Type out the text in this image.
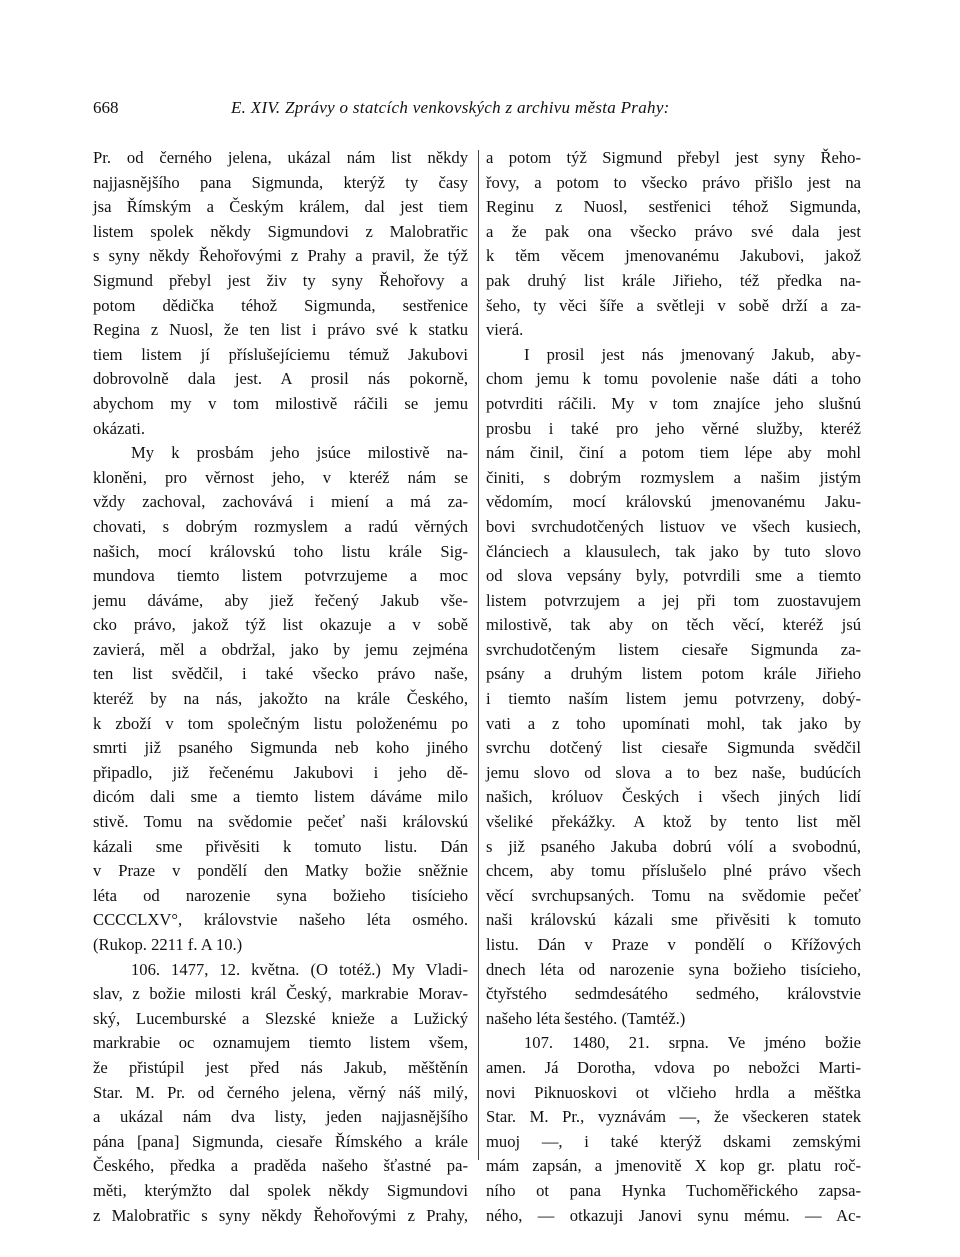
668	E. XIV. Zprávy o statcích venkovských z archivu města Prahy:
Pr. od černého jelena, ukázal nám list někdy
najjasnějšího pana Sigmunda, kterýž ty časy
jsa Římským a Českým králem, dal jest tiem
listem spolek někdy Sigmundovi z Malobratřic
s syny někdy Řehořovými z Prahy a pravil, že týž
Sigmund přebyl jest živ ty syny Řehořovy a
potom dědička téhož Sigmunda, sestřenice
Regina z Nuosl, že ten list i právo své k statku
tiem listem jí příslušejíciemu témuž Jakubovi
dobrovolně dala jest. A prosil nás pokorně,
abychom my v tom milostivě ráčili se jemu
okázati.
My k prosbám jeho jsúce milostivě na-
kloněni, pro věrnost jeho, v kteréž nám se
vždy zachoval, zachovává i miení a má za-
chovati, s dobrým rozmyslem a radú věrných
našich, mocí královskú toho listu krále Sig-
mundova tiemto listem potvrzujeme a moc
jemu dáváme, aby jiež řečený Jakub vše-
cko právo, jakož týž list okazuje a v sobě
zavierá, měl a obdržal, jako by jemu zejména
ten list svědčil, i také všecko právo naše,
kteréž by na nás, jakožto na krále Českého,
k zboží v tom společným listu položenému po
smrti již psaného Sigmunda neb koho jiného
připadlo, již řečenému Jakubovi i jeho dě-
dicóm dali sme a tiemto listem dáváme milo
stivě. Tomu na svědomie pečeť naši královskú
kázali sme přivěsiti k tomuto listu. Dán
v Praze v pondělí den Matky božie sněžnie
léta od narozenie syna božieho tisícieho
CCCCLXV°, královstvie našeho léta osmého.
(Rukop. 2211 f. A 10.)
106. 1477, 12. května. (O totéž.) My Vladi-
slav, z božie milosti král Český, markrabie Morav-
ský, Lucemburské a Slezské knieže a Lužický
markrabie oc oznamujem tiemto listem všem,
že přistúpil jest před nás Jakub, měštěnín
Star. M. Pr. od černého jelena, věrný náš milý,
a ukázal nám dva listy, jeden najjasnějšího
pána [pana] Sigmunda, ciesaře Římského a krále
Českého, předka a praděda našeho šťastné pa-
měti, kterýmžto dal spolek někdy Sigmundovi
z Malobratřic s syny někdy Řehořovými z Prahy,
a potom týž Sigmund přebyl jest syny Řeho-
řovy, a potom to všecko právo přišlo jest na
Reginu z Nuosl, sestřenici téhož Sigmunda,
a že pak ona všecko právo své dala jest
k těm věcem jmenovanému Jakubovi, jakož
pak druhý list krále Jiřieho, též předka na-
šeho, ty věci šíře a světleji v sobě drží a za-
vierá.
I prosil jest nás jmenovaný Jakub, aby-
chom jemu k tomu povolenie naše dáti a toho
potvrditi ráčili. My v tom znajíce jeho slušnú
prosbu i také pro jeho věrné služby, kteréž
nám činil, činí a potom tiem lépe aby mohl
činiti, s dobrým rozmyslem a našim jistým
vědomím, mocí královskú jmenovanému Jaku-
bovi svrchudotčených listuov ve všech kusiech,
článciech a klausulech, tak jako by tuto slovo
od slova vepsány byly, potvrdili sme a tiemto
listem potvrzujem a jej při tom zuostavujem
milostivě, tak aby on těch věcí, kteréž jsú
svrchudotčeným listem ciesaře Sigmunda za-
psány a druhým listem potom krále Jiřieho
i tiemto naším listem jemu potvrzeny, dobý-
vati a z toho upomínati mohl, tak jako by
svrchu dotčený list ciesaře Sigmunda svědčil
jemu slovo od slova a to bez naše, budúcích
našich, króluov Českých i všech jiných lidí
všeliké překážky. A ktož by tento list měl
s již psaného Jakuba dobrú vólí a svobodnú,
chcem, aby tomu příslušelo plné právo všech
věcí svrchupsaných. Tomu na svědomie pečeť
naši královskú kázali sme přivěsiti k tomuto
listu. Dán v Praze v pondělí o Křížových
dnech léta od narozenie syna božieho tisícieho,
čtyřstého sedmdesátého sedmého, královstvie
našeho léta šestého. (Tamtéž.)
107. 1480, 21. srpna. Ve jméno božie
amen. Já Dorotha, vdova po nebožci Marti-
novi Piknuoskovi ot vlčieho hrdla a měštka
Star. M. Pr., vyznávám —, že všeckeren statek
muoj —, i také kterýž dskami zemskými
mám zapsán, a jmenovitě X kop gr. platu roč-
ního ot pana Hynka Tuchoměřického zapsa-
ného, — otkazuji Janovi synu mému. — Ac-
